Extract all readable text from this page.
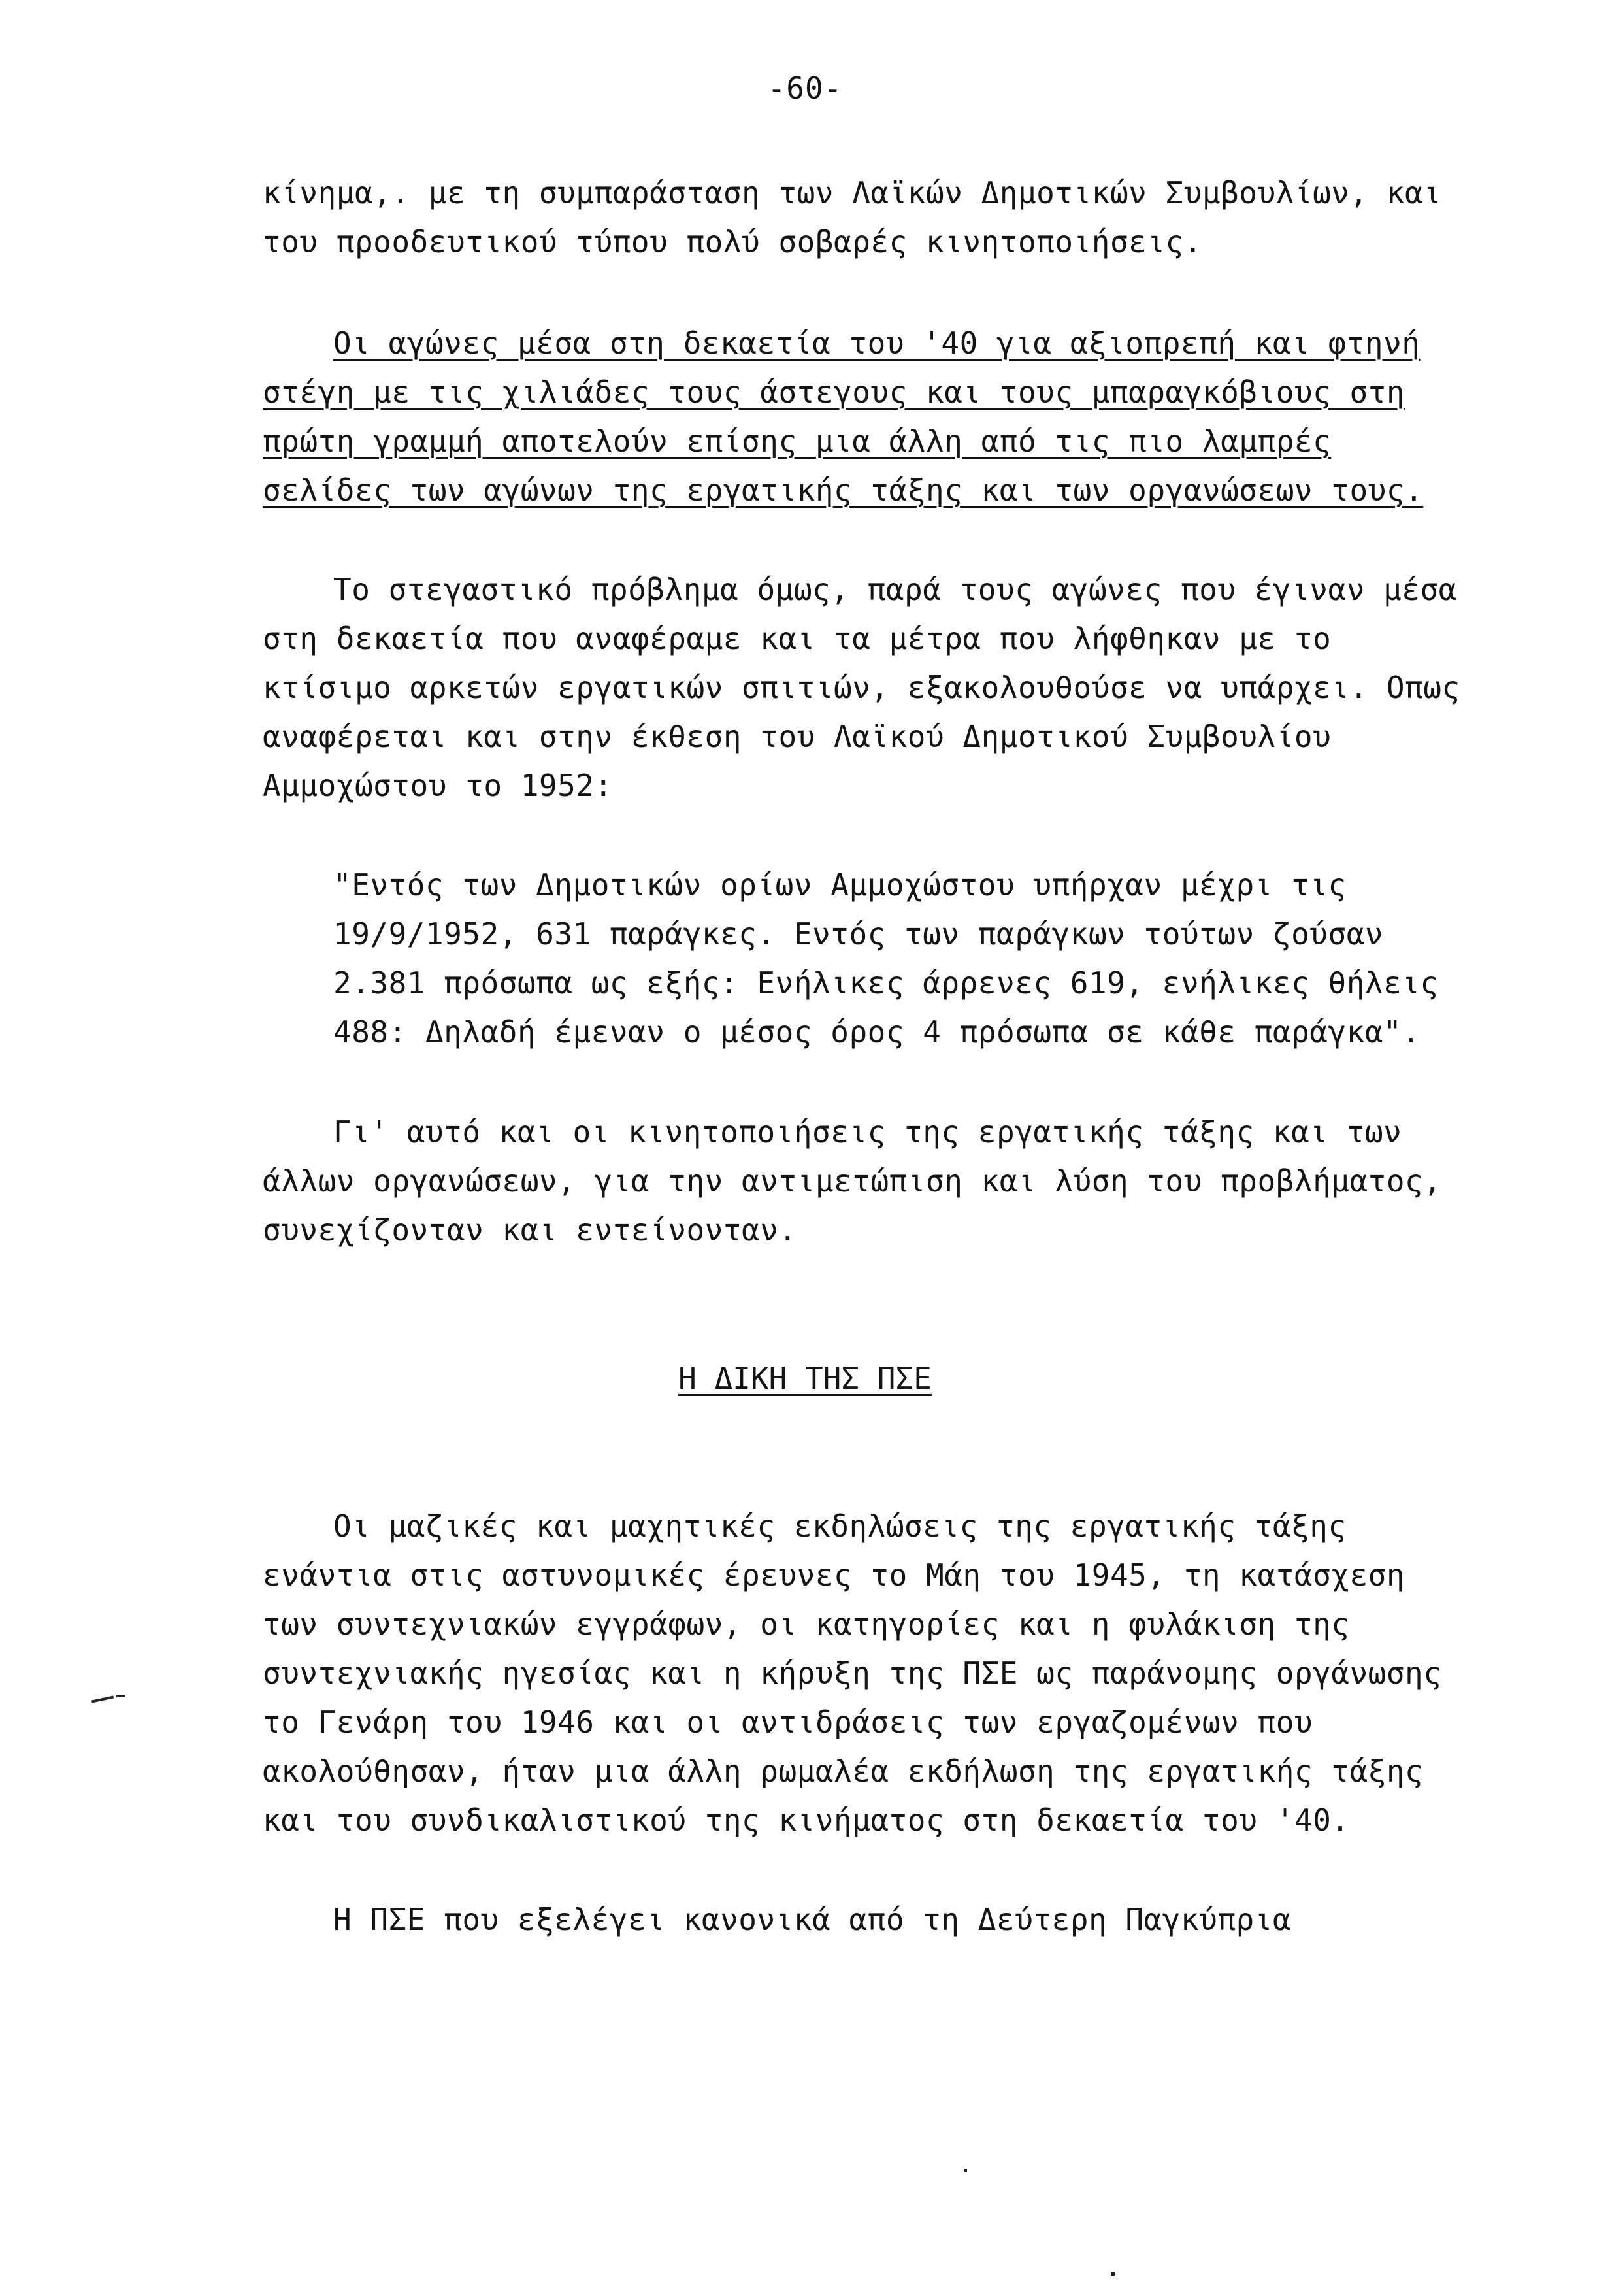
-60-
κίνημα,. με τη συμπαράσταση των Λαϊκών Δημοτικών Συμβουλίων, και
του προοδευτικού τύπου πολύ σοβαρές κινητοποιήσεις.
Οι αγώνες μέσα στη δεκαετία του '40 για αξιοπρεπή και φτηνή
στέγη με τις χιλιάδες τους άστεγους και τους μπαραγκόβιους στη
πρώτη γραμμή αποτελούν επίσης μια άλλη από τις πιο λαμπρές
σελίδες των αγώνων της εργατικής τάξης και των οργανώσεων τους.
Το στεγαστικό πρόβλημα όμως, παρά τους αγώνες που έγιναν μέσα
στη δεκαετία που αναφέραμε και τα μέτρα που λήφθηκαν με το
κτίσιμο αρκετών εργατικών σπιτιών, εξακολουθούσε να υπάρχει. Οπως
αναφέρεται και στην έκθεση του Λαϊκού Δημοτικού Συμβουλίου
Αμμοχώστου το 1952:
"Εντός των Δημοτικών ορίων Αμμοχώστου υπήρχαν μέχρι τις
19/9/1952, 631 παράγκες. Εντός των παράγκων τούτων ζούσαν
2.381 πρόσωπα ως εξής: Ενήλικες άρρενες 619, ενήλικες θήλεις
488: Δηλαδή έμεναν ο μέσος όρος 4 πρόσωπα σε κάθε παράγκα".
Γι' αυτό και οι κινητοποιήσεις της εργατικής τάξης και των
άλλων οργανώσεων, για την αντιμετώπιση και λύση του προβλήματος,
συνεχίζονταν και εντείνονταν.
Η ΔΙΚΗ ΤΗΣ ΠΣΕ
Οι μαζικές και μαχητικές εκδηλώσεις της εργατικής τάξης
ενάντια στις αστυνομικές έρευνες το Μάη του 1945, τη κατάσχεση
των συντεχνιακών εγγράφων, οι κατηγορίες και η φυλάκιση της
συντεχνιακής ηγεσίας και η κήρυξη της ΠΣΕ ως παράνομης οργάνωσης
το Γενάρη του 1946 και οι αντιδράσεις των εργαζομένων που
ακολούθησαν, ήταν μια άλλη ρωμαλέα εκδήλωση της εργατικής τάξης
και του συνδικαλιστικού της κινήματος στη δεκαετία του '40.
Η ΠΣΕ που εξελέγει κανονικά από τη Δεύτερη Παγκύπρια
